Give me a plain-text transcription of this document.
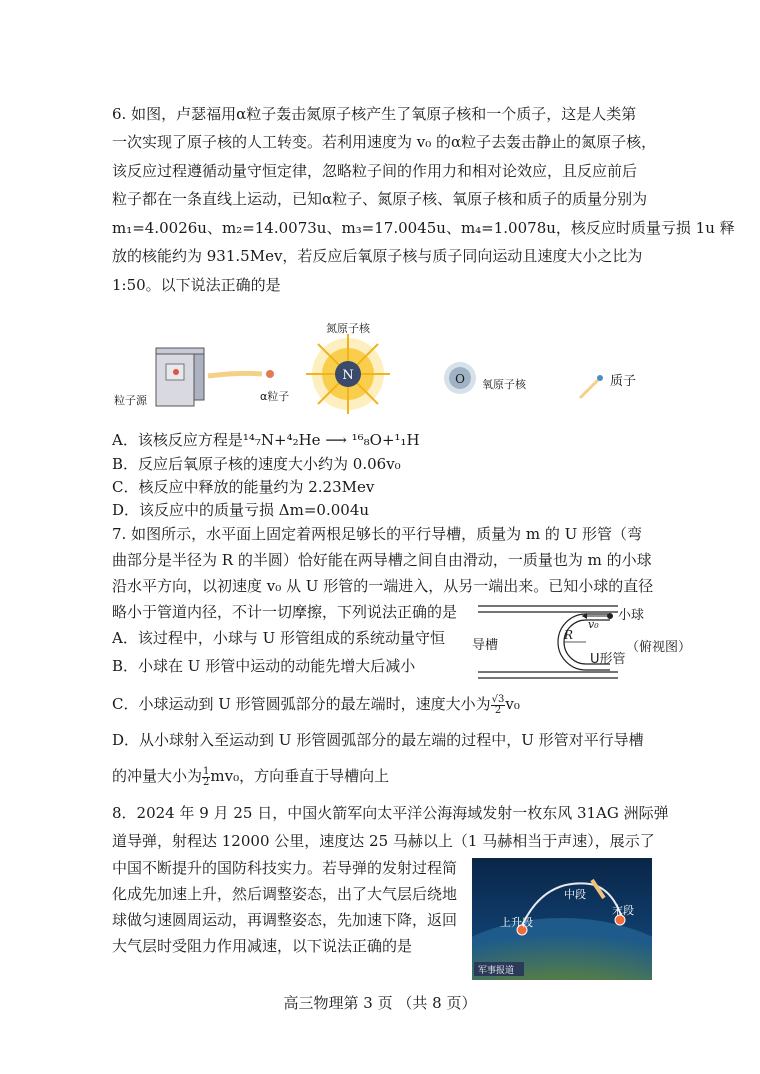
6. 如图，卢瑟福用α粒子轰击氮原子核产生了氧原子核和一个质子，这是人类第
一次实现了原子核的人工转变。若利用速度为 v₀ 的α粒子去轰击静止的氮原子核，
该反应过程遵循动量守恒定律，忽略粒子间的作用力和相对论效应，且反应前后
粒子都在一条直线上运动，已知α粒子、氮原子核、氧原子核和质子的质量分别为
m₁=4.0026u、m₂=14.0073u、m₃=17.0045u、m₄=1.0078u，核反应时质量亏损 1u 释
放的核能约为 931.5Mev，若反应后氧原子核与质子同向运动且速度大小之比为
1:50。以下说法正确的是
N	O
粒子源	α粒子
氮原子核
氧原子核	质子
A．该核反应方程是¹⁴₇N+⁴₂He ⟶ ¹⁶₈O+¹₁H
B．反应后氧原子核的速度大小约为 0.06v₀
C．核反应中释放的能量约为 2.23Mev
D．该反应中的质量亏损 Δm=0.004u
7. 如图所示，水平面上固定着两根足够长的平行导槽，质量为 m 的 U 形管（弯
曲部分是半径为 R 的半圆）恰好能在两导槽之间自由滑动，一质量也为 m 的小球
沿水平方向，以初速度 v₀ 从 U 形管的一端进入，从另一端出来。已知小球的直径
略小于管道内径，不计一切摩擦，下列说法正确的是
导槽
小球
v₀
R
U形管
（俯视图）
A．该过程中，小球与 U 形管组成的系统动量守恒
B．小球在 U 形管中运动的动能先增大后减小
C．小球运动到 U 形管圆弧部分的最左端时，速度大小为 $\frac{√3}{2} v_0$
D．从小球射入至运动到 U 形管圆弧部分的最左端的过程中，U 形管对平行导槽
的冲量大小为 $\frac{1}{2} mv_0$，方向垂直于导槽向上
8．2024 年 9 月 25 日，中国火箭军向太平洋公海海域发射一枚东风 31AG 洲际弹
道导弹，射程达 12000 公里，速度达 25 马赫以上（1 马赫相当于声速），展示了
中国不断提升的国防科技实力。若导弹的发射过程简
化成先加速上升，然后调整姿态，出了大气层后绕地
球做匀速圆周运动，再调整姿态，先加速下降，返回
大气层时受阻力作用减速，以下说法正确的是
中段
上升段
末段
军事报道
高三物理第 3 页 （共 8 页）
